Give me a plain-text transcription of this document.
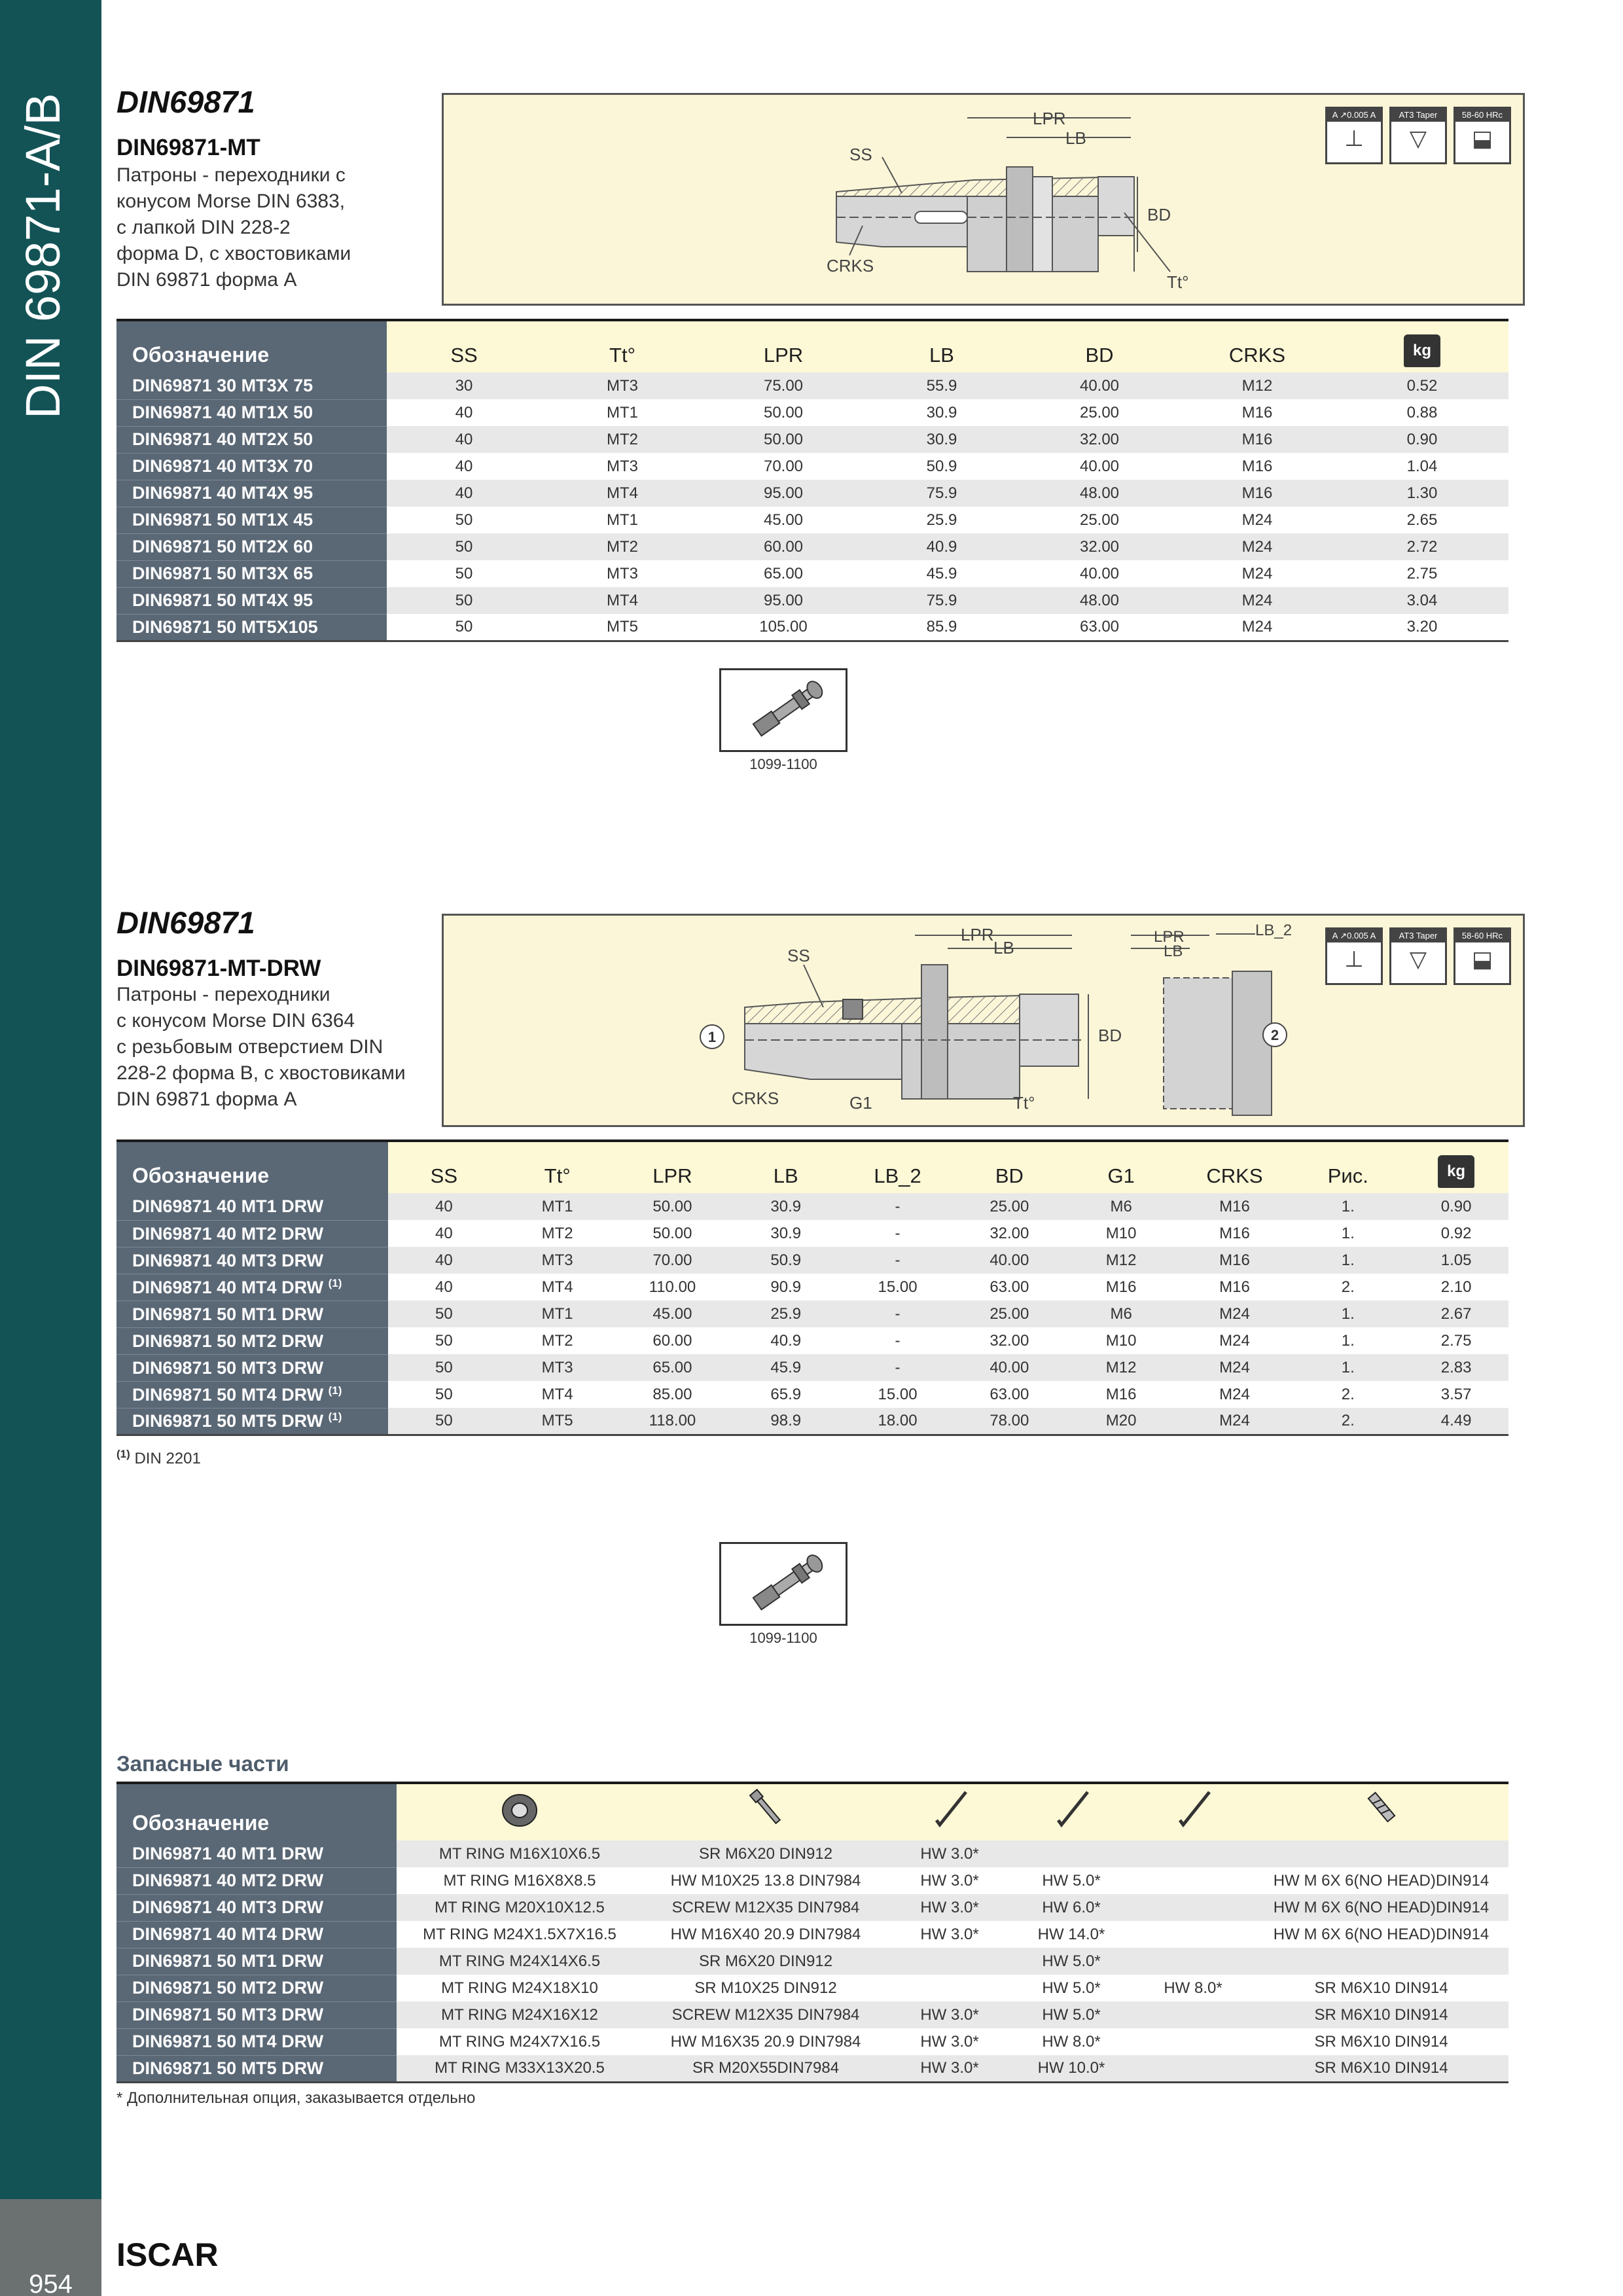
DIN 69871-A/B
954
ISCAR
DIN69871
DIN69871-MT
Патроны - переходники с
конусом Morse DIN 6383,
с лапкой DIN 228-2
форма D, с хвостовиками
DIN 69871 форма A
SS
LPR
LB
BD
CRKS
Tt°
A ↗0.005 A
⊥
AT3 Taper
▽
58-60 HRc
⬓
Обозначение	SS	Tt°	LPR	LB	BD	CRKS	kg
DIN69871 30 MT3X 75	30	MT3	75.00	55.9	40.00	M12	0.52
DIN69871 40 MT1X 50	40	MT1	50.00	30.9	25.00	M16	0.88
DIN69871 40 MT2X 50	40	MT2	50.00	30.9	32.00	M16	0.90
DIN69871 40 MT3X 70	40	MT3	70.00	50.9	40.00	M16	1.04
DIN69871 40 MT4X 95	40	MT4	95.00	75.9	48.00	M16	1.30
DIN69871 50 MT1X 45	50	MT1	45.00	25.9	25.00	M24	2.65
DIN69871 50 MT2X 60	50	MT2	60.00	40.9	32.00	M24	2.72
DIN69871 50 MT3X 65	50	MT3	65.00	45.9	40.00	M24	2.75
DIN69871 50 MT4X 95	50	MT4	95.00	75.9	48.00	M24	3.04
DIN69871 50 MT5X105	50	MT5	105.00	85.9	63.00	M24	3.20
1099-1100
DIN69871
DIN69871-MT-DRW
Патроны - переходники
с конусом Morse DIN 6364
с резьбовым отверстием DIN
228-2 форма B, с хвостовиками
DIN 69871 форма A
1	2
SS
LPR
LB
BD
CRKS	G1	Tt°
LPR
LB
LB_2	A ↗0.005 A
⊥
AT3 Taper
▽
58-60 HRc
⬓
Обозначение	SS	Tt°	LPR	LB	LB_2	BD	G1	CRKS	Рис.	kg
DIN69871 40 MT1 DRW	40	MT1	50.00	30.9	-	25.00	M6	M16	1.	0.90
DIN69871 40 MT2 DRW	40	MT2	50.00	30.9	-	32.00	M10	M16	1.	0.92
DIN69871 40 MT3 DRW	40	MT3	70.00	50.9	-	40.00	M12	M16	1.	1.05
DIN69871 40 MT4 DRW $^{(1)}$	40	MT4	110.00	90.9	15.00	63.00	M16	M16	2.	2.10
DIN69871 50 MT1 DRW	50	MT1	45.00	25.9	-	25.00	M6	M24	1.	2.67
DIN69871 50 MT2 DRW	50	MT2	60.00	40.9	-	32.00	M10	M24	1.	2.75
DIN69871 50 MT3 DRW	50	MT3	65.00	45.9	-	40.00	M12	M24	1.	2.83
DIN69871 50 MT4 DRW $^{(1)}$	50	MT4	85.00	65.9	15.00	63.00	M16	M24	2.	3.57
DIN69871 50 MT5 DRW $^{(1)}$	50	MT5	118.00	98.9	18.00	78.00	M20	M24	2.	4.49
$^{(1)}$ DIN 2201
1099-1100
Запасные части
Обозначение						
DIN69871 40 MT1 DRW	MT RING M16X10X6.5	SR M6X20 DIN912	HW 3.0*			
DIN69871 40 MT2 DRW	MT RING M16X8X8.5	HW M10X25 13.8 DIN7984	HW 3.0*	HW 5.0*		HW M 6X 6(NO HEAD)DIN914
DIN69871 40 MT3 DRW	MT RING M20X10X12.5	SCREW M12X35 DIN7984	HW 3.0*	HW 6.0*		HW M 6X 6(NO HEAD)DIN914
DIN69871 40 MT4 DRW	MT RING M24X1.5X7X16.5	HW M16X40 20.9 DIN7984	HW 3.0*	HW 14.0*		HW M 6X 6(NO HEAD)DIN914
DIN69871 50 MT1 DRW	MT RING M24X14X6.5	SR M6X20 DIN912		HW 5.0*		
DIN69871 50 MT2 DRW	MT RING M24X18X10	SR M10X25 DIN912		HW 5.0*	HW 8.0*	SR M6X10 DIN914
DIN69871 50 MT3 DRW	MT RING M24X16X12	SCREW M12X35 DIN7984	HW 3.0*	HW 5.0*		SR M6X10 DIN914
DIN69871 50 MT4 DRW	MT RING M24X7X16.5	HW M16X35 20.9 DIN7984	HW 3.0*	HW 8.0*		SR M6X10 DIN914
DIN69871 50 MT5 DRW	MT RING M33X13X20.5	SR M20X55DIN7984	HW 3.0*	HW 10.0*		SR M6X10 DIN914
* Дополнительная опция, заказывается отдельно
